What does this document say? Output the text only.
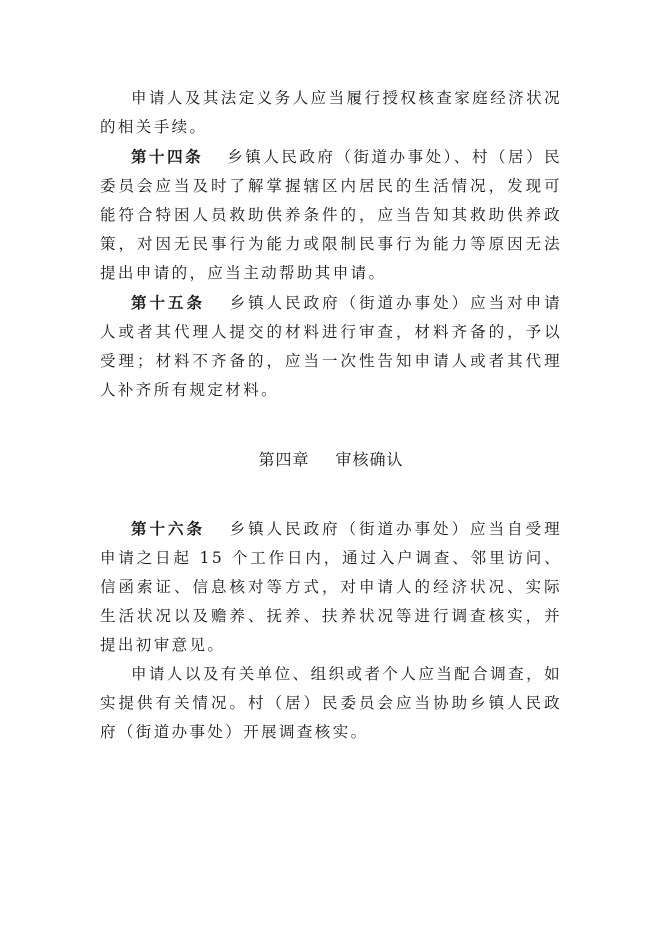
申请人及其法定义务人应当履行授权核查家庭经济状况的相关手续。

第十四条 乡镇人民政府（街道办事处）、村（居）民委员会应当及时了解掌握辖区内居民的生活情况，发现可能符合特困人员救助供养条件的，应当告知其救助供养政策，对因无民事行为能力或限制民事行为能力等原因无法提出申请的，应当主动帮助其申请。

第十五条 乡镇人民政府（街道办事处）应当对申请人或者其代理人提交的材料进行审查，材料齐备的，予以受理；材料不齐备的，应当一次性告知申请人或者其代理人补齐所有规定材料。

第四章 审核确认

第十六条 乡镇人民政府（街道办事处）应当自受理申请之日起 15 个工作日内，通过入户调查、邻里访问、信函索证、信息核对等方式，对申请人的经济状况、实际生活状况以及赡养、抚养、扶养状况等进行调查核实，并提出初审意见。

申请人以及有关单位、组织或者个人应当配合调查，如实提供有关情况。村（居）民委员会应当协助乡镇人民政府（街道办事处）开展调查核实。
